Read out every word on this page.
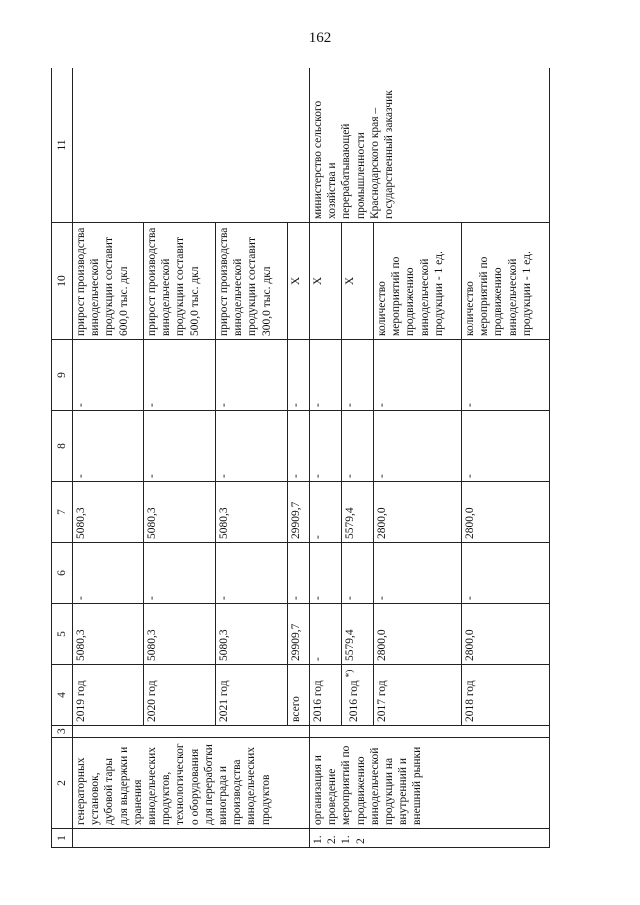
162
1	2	3	4	5	6	7	8	9	10	11
	генераторных установок, дубовой тары для выдержки и хранения винодельческих продуктов, технологического оборудования для переработки винограда и производства винодельческих продуктов		2019 год	5080,3	-	5080,3	-	-	прирост производства винодельческой продукции составит 600,0 тыс. дкл	
			2020 год	5080,3	-	5080,3	-	-	прирост производства винодельческой продукции составит 500,0 тыс. дкл	
			2021 год	5080,3	-	5080,3	-	-	прирост производства винодельческой продукции составит 300,0 тыс. дкл	
			всего	29909,7	-	29909,7	-	-	X	
1.2.1.2	организация и проведение мероприятий по продвижению винодельческой продукции на внутренний и внешний рынки		2016 год	-	-	-	-	-	X	министерство сельского хозяйства и перерабатывающей промышленности Краснодарского края – государственный заказчик
			2016 год *)	5579,4	-	5579,4	-	-	X	
			2017 год	2800,0	-	2800,0	-	-	количество мероприятий по продвижению винодельческой продукции - 1 ед.	
			2018 год	2800,0	-	2800,0	-	-	количество мероприятий по продвижению винодельческой продукции - 1 ед.	
